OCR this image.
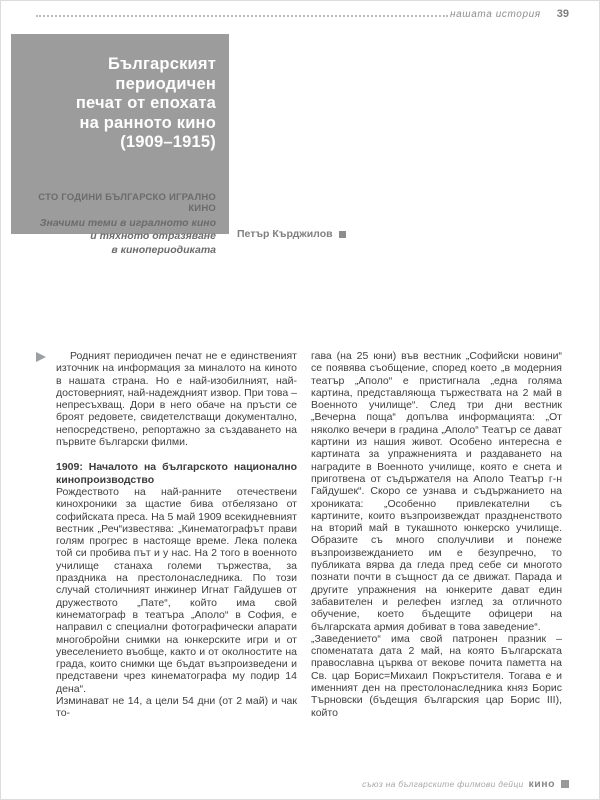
нашата история 39
Българският периодичен
печат от епохата
на ранното кино
(1909–1915)
СТО ГОДИНИ БЪЛГАРСКО ИГРАЛНО КИНО
Значими теми в игралното кино
и тяхното отразяване
в кинопериодиката
Петър Кърджилов

Родният периодичен печат не е единственият източник на информация за миналото на киното в нашата страна. Но е най-изобилният, най-достоверният, най-надеждният извор. При това – непресъхващ. Дори в него обаче на пръсти се броят редовете, свидетелстващи документално, непосредствено, репортажно за създаването на първите български филми.

1909: Началото на българското национално кинопроизводство

Рождеството на най-ранните отечествени кинохроники за щастие бива отбелязано от софийската преса. На 5 май 1909 всекидневният вестник „Реч“известява: „Кинематографът прави голям прогрес в настояще време. Лека полека той си пробива път и у нас. На 2 того в военното училище станаха големи тържества, за праздника на престолонаследника. По този случай столичният инжинер Игнат Гайдушев от дружеството „Пате“, който има свой кинематограф в театъра „Аполо“ в София, е направил с специални фотографически апарати многобройни снимки на юнкерските игри и от увеселението въобще, както и от околностите на града, които снимки ще бъдат възпроизведени и представени чрез кинематографа му подир 14 дена“.

Изминават не 14, а цели 54 дни (от 2 май) и чак то-

гава (на 25 юни) във вестник „Софийски новини“ се появява съобщение, според което „в модерния театър „Аполо“ е пристигнала „една голяма картина, представляюща тържествата на 2 май в Военното училище“. След три дни вестник „Вечерна поща“ допълва информацията: „От няколко вечери в градина „Аполо“ Театър се дават картини из нашия живот. Особено интересна е картината за упражненията и раздаването на наградите в Военното училище, която е снета и приготвена от съдържателя на Аполо Театър г-н Гайдушек“. Скоро се узнава и съдържанието на хрониката: „Особенно привлекателни съ картините, които възпроизвеждат праздненството на вторий май в тукашното юнкерско училище. Образите съ много сполучливи и понеже възпроизвежданието им е безупречно, то публиката вярва да гледа пред себе си многото познати почти в същност да се движат. Парада и другите упражнения на юнкерите дават един забавителен и релефен изглед за отличното обучение, което бъдещите офицери на българската армия добиват в това заведение“.

„Заведението“ има свой патронен празник – споменатата дата 2 май, на която Българската православна църква от векове почита паметта на Св. цар Борис=Михаил Покръстителя. Тогава е и именният ден на престолонаследника княз Борис Търновски (бъдещия българския цар Борис III), който

съюз на българските филмови дейци кино
